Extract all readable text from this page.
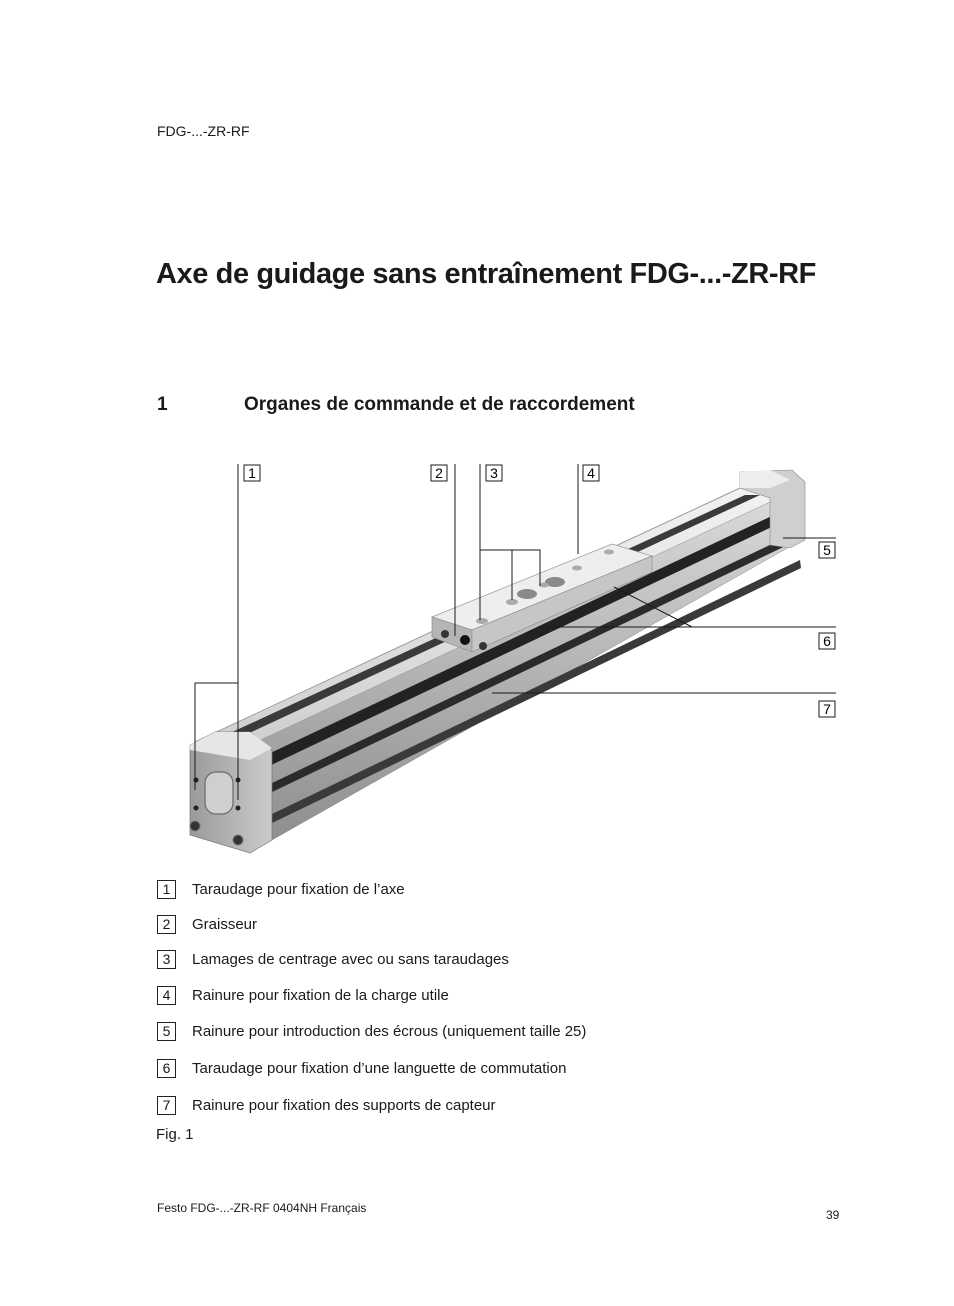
FDG-...-ZR-RF
Axe de guidage sans entraînement FDG-...-ZR-RF
1	Organes de commande et de raccordement
1	2	3	4
5
6
7
1 Taraudage pour fixation de l’axe
2 Graisseur
3 Lamages de centrage avec ou sans taraudages
4 Rainure pour fixation de la charge utile
5 Rainure pour introduction des écrous (uniquement taille 25)
6 Taraudage pour fixation d’une languette de commutation
7 Rainure pour fixation des supports de capteur
Fig. 1
Festo FDG-...-ZR-RF 0404NH Français	39
